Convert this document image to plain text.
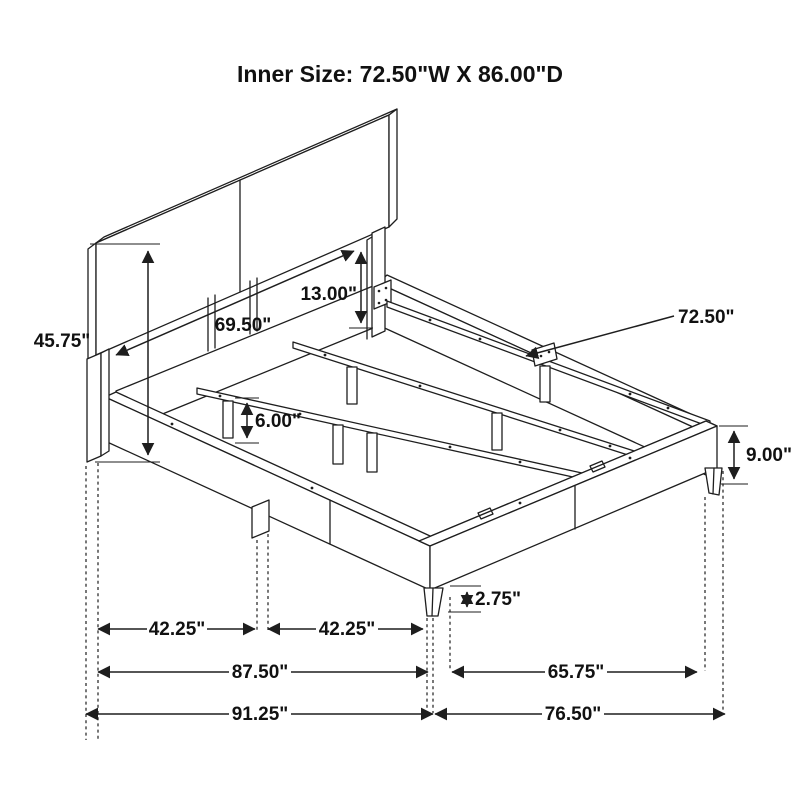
Inner Size: 72.50"W X 86.00"D
45.75"
13.00"
69.50"	72.50"
6.00"
9.00"
2.75"
42.25"	42.25"
87.50"	65.75"
91.25"	76.50"
